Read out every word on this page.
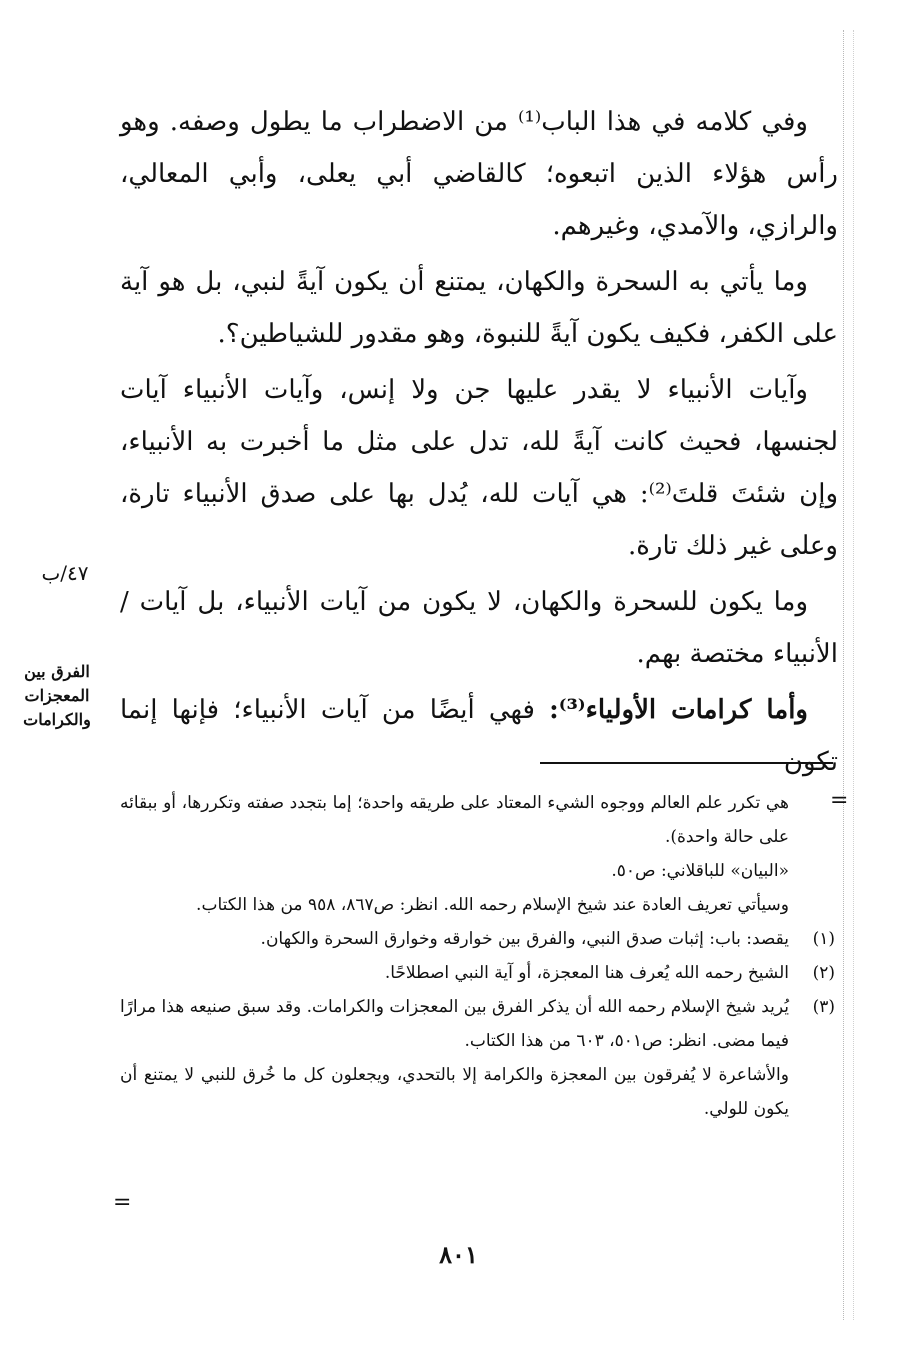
وفي كلامه في هذا الباب⁽¹⁾ من الاضطراب ما يطول وصفه. وهو رأس هؤلاء الذين اتبعوه؛ كالقاضي أبي يعلى، وأبي المعالي، والرازي، والآمدي، وغيرهم.

وما يأتي به السحرة والكهان، يمتنع أن يكون آيةً لنبي، بل هو آية على الكفر، فكيف يكون آيةً للنبوة، وهو مقدور للشياطين؟.

وآيات الأنبياء لا يقدر عليها جن ولا إنس، وآيات الأنبياء آيات لجنسها، فحيث كانت آيةً لله، تدل على مثل ما أخبرت به الأنبياء، وإن شئتَ قلتَ⁽²⁾: هي آيات لله، يُدل بها على صدق الأنبياء تارة، وعلى غير ذلك تارة.

وما يكون للسحرة والكهان، لا يكون من آيات الأنبياء، بل آيات / الأنبياء مختصة بهم.

وأما كرامات الأولياء⁽³⁾: فهي أيضًا من آيات الأنبياء؛ فإنها إنما تكون

٤٧/ب
الفرق بين
المعجزات
والكرامات
=

هي تكرر علم العالم ووجوه الشيء المعتاد على طريقه واحدة؛ إما بتجدد صفته وتكررها، أو ببقائه على حالة واحدة).

«البيان» للباقلاني: ص٥٠.

وسيأتي تعريف العادة عند شيخ الإسلام رحمه الله. انظر: ص٨٦٧، ٩٥٨ من هذا الكتاب.

(١)يقصد: باب: إثبات صدق النبي، والفرق بين خوارقه وخوارق السحرة والكهان.

(٢)الشيخ رحمه الله يُعرف هنا المعجزة، أو آية النبي اصطلاحًا.

(٣)يُريد شيخ الإسلام رحمه الله أن يذكر الفرق بين المعجزات والكرامات. وقد سبق صنيعه هذا مرارًا فيما مضى. انظر: ص٥٠١، ٦٠٣ من هذا الكتاب.

والأشاعرة لا يُفرقون بين المعجزة والكرامة إلا بالتحدي، ويجعلون كل ما خُرق للنبي لا يمتنع أن يكون للولي.

=
٨٠١
